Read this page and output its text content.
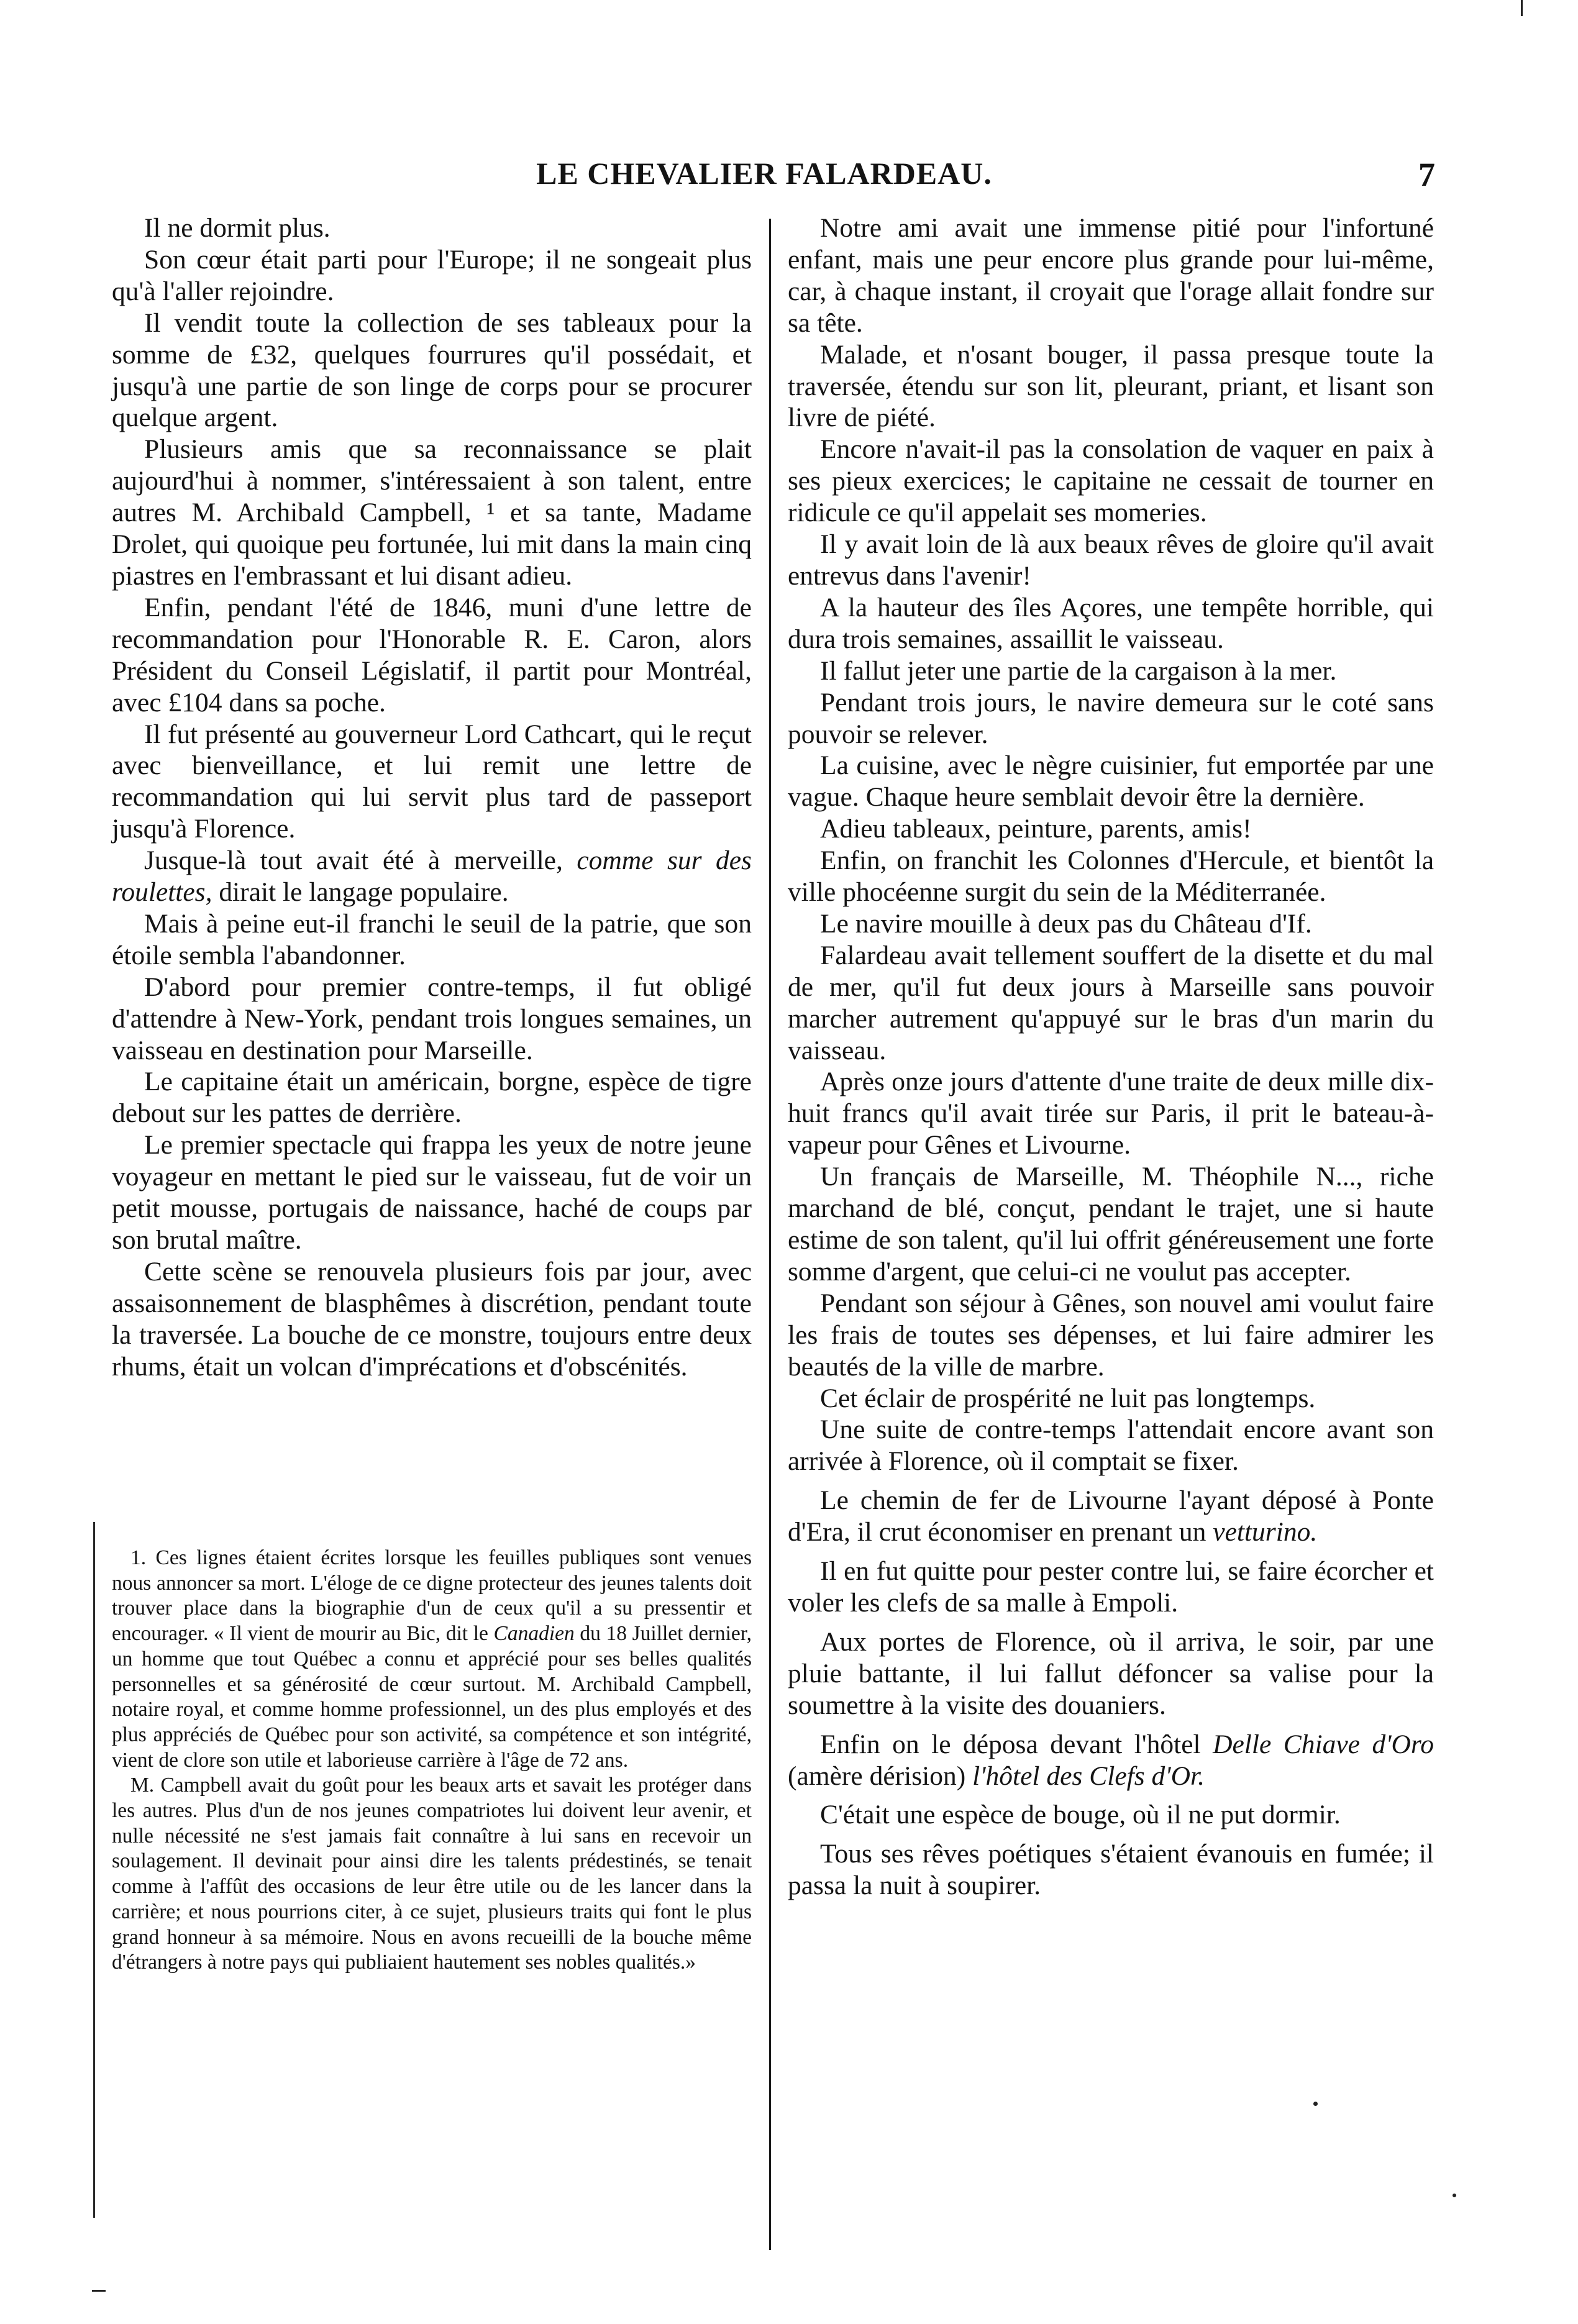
LE CHEVALIER FALARDEAU.	7

Il ne dormit plus.

Son cœur était parti pour l'Europe; il ne songeait plus qu'à l'aller rejoindre.

Il vendit toute la collection de ses tableaux pour la somme de £32, quelques fourrures qu'il possédait, et jusqu'à une partie de son linge de corps pour se procurer quelque argent.

Plusieurs amis que sa reconnaissance se plait aujourd'hui à nommer, s'intéressaient à son talent, entre autres M. Archibald Campbell, ¹ et sa tante, Madame Drolet, qui quoique peu fortunée, lui mit dans la main cinq piastres en l'embrassant et lui disant adieu.

Enfin, pendant l'été de 1846, muni d'une lettre de recommandation pour l'Honorable R. E. Caron, alors Président du Conseil Législatif, il partit pour Montréal, avec £104 dans sa poche.

Il fut présenté au gouverneur Lord Cathcart, qui le reçut avec bienveillance, et lui remit une lettre de recommandation qui lui servit plus tard de passeport jusqu'à Florence.

Jusque-là tout avait été à merveille, comme sur des roulettes, dirait le langage populaire.

Mais à peine eut-il franchi le seuil de la patrie, que son étoile sembla l'abandonner.

D'abord pour premier contre-temps, il fut obligé d'attendre à New-York, pendant trois longues semaines, un vaisseau en destination pour Marseille.

Le capitaine était un américain, borgne, espèce de tigre debout sur les pattes de derrière.

Le premier spectacle qui frappa les yeux de notre jeune voyageur en mettant le pied sur le vaisseau, fut de voir un petit mousse, portugais de naissance, haché de coups par son brutal maître.

Cette scène se renouvela plusieurs fois par jour, avec assaisonnement de blasphêmes à discrétion, pendant toute la traversée. La bouche de ce monstre, toujours entre deux rhums, était un volcan d'imprécations et d'obscénités.

1. Ces lignes étaient écrites lorsque les feuilles publiques sont venues nous annoncer sa mort. L'éloge de ce digne protecteur des jeunes talents doit trouver place dans la biographie d'un de ceux qu'il a su pressentir et encourager. « Il vient de mourir au Bic, dit le Canadien du 18 Juillet dernier, un homme que tout Québec a connu et apprécié pour ses belles qualités personnelles et sa générosité de cœur surtout. M. Archibald Campbell, notaire royal, et comme homme professionnel, un des plus employés et des plus appréciés de Québec pour son activité, sa compétence et son intégrité, vient de clore son utile et laborieuse carrière à l'âge de 72 ans.

M. Campbell avait du goût pour les beaux arts et savait les protéger dans les autres. Plus d'un de nos jeunes compatriotes lui doivent leur avenir, et nulle nécessité ne s'est jamais fait connaître à lui sans en recevoir un soulagement. Il devinait pour ainsi dire les talents prédestinés, se tenait comme à l'affût des occasions de leur être utile ou de les lancer dans la carrière; et nous pourrions citer, à ce sujet, plusieurs traits qui font le plus grand honneur à sa mémoire. Nous en avons recueilli de la bouche même d'étrangers à notre pays qui publiaient hautement ses nobles qualités.»

Notre ami avait une immense pitié pour l'infortuné enfant, mais une peur encore plus grande pour lui-même, car, à chaque instant, il croyait que l'orage allait fondre sur sa tête.

Malade, et n'osant bouger, il passa presque toute la traversée, étendu sur son lit, pleurant, priant, et lisant son livre de piété.

Encore n'avait-il pas la consolation de vaquer en paix à ses pieux exercices; le capitaine ne cessait de tourner en ridicule ce qu'il appelait ses momeries.

Il y avait loin de là aux beaux rêves de gloire qu'il avait entrevus dans l'avenir!

A la hauteur des îles Açores, une tempête horrible, qui dura trois semaines, assaillit le vaisseau.

Il fallut jeter une partie de la cargaison à la mer.

Pendant trois jours, le navire demeura sur le coté sans pouvoir se relever.

La cuisine, avec le nègre cuisinier, fut emportée par une vague. Chaque heure semblait devoir être la dernière.

Adieu tableaux, peinture, parents, amis!

Enfin, on franchit les Colonnes d'Hercule, et bientôt la ville phocéenne surgit du sein de la Méditerranée.

Le navire mouille à deux pas du Château d'If.

Falardeau avait tellement souffert de la disette et du mal de mer, qu'il fut deux jours à Marseille sans pouvoir marcher autrement qu'appuyé sur le bras d'un marin du vaisseau.

Après onze jours d'attente d'une traite de deux mille dix-huit francs qu'il avait tirée sur Paris, il prit le bateau-à-vapeur pour Gênes et Livourne.

Un français de Marseille, M. Théophile N..., riche marchand de blé, conçut, pendant le trajet, une si haute estime de son talent, qu'il lui offrit généreusement une forte somme d'argent, que celui-ci ne voulut pas accepter.

Pendant son séjour à Gênes, son nouvel ami voulut faire les frais de toutes ses dépenses, et lui faire admirer les beautés de la ville de marbre.

Cet éclair de prospérité ne luit pas longtemps.

Une suite de contre-temps l'attendait encore avant son arrivée à Florence, où il comptait se fixer.

Le chemin de fer de Livourne l'ayant déposé à Ponte d'Era, il crut économiser en prenant un vetturino.

Il en fut quitte pour pester contre lui, se faire écorcher et voler les clefs de sa malle à Empoli.

Aux portes de Florence, où il arriva, le soir, par une pluie battante, il lui fallut défoncer sa valise pour la soumettre à la visite des douaniers.

Enfin on le déposa devant l'hôtel Delle Chiave d'Oro (amère dérision) l'hôtel des Clefs d'Or.

C'était une espèce de bouge, où il ne put dormir.

Tous ses rêves poétiques s'étaient évanouis en fumée; il passa la nuit à soupirer.
